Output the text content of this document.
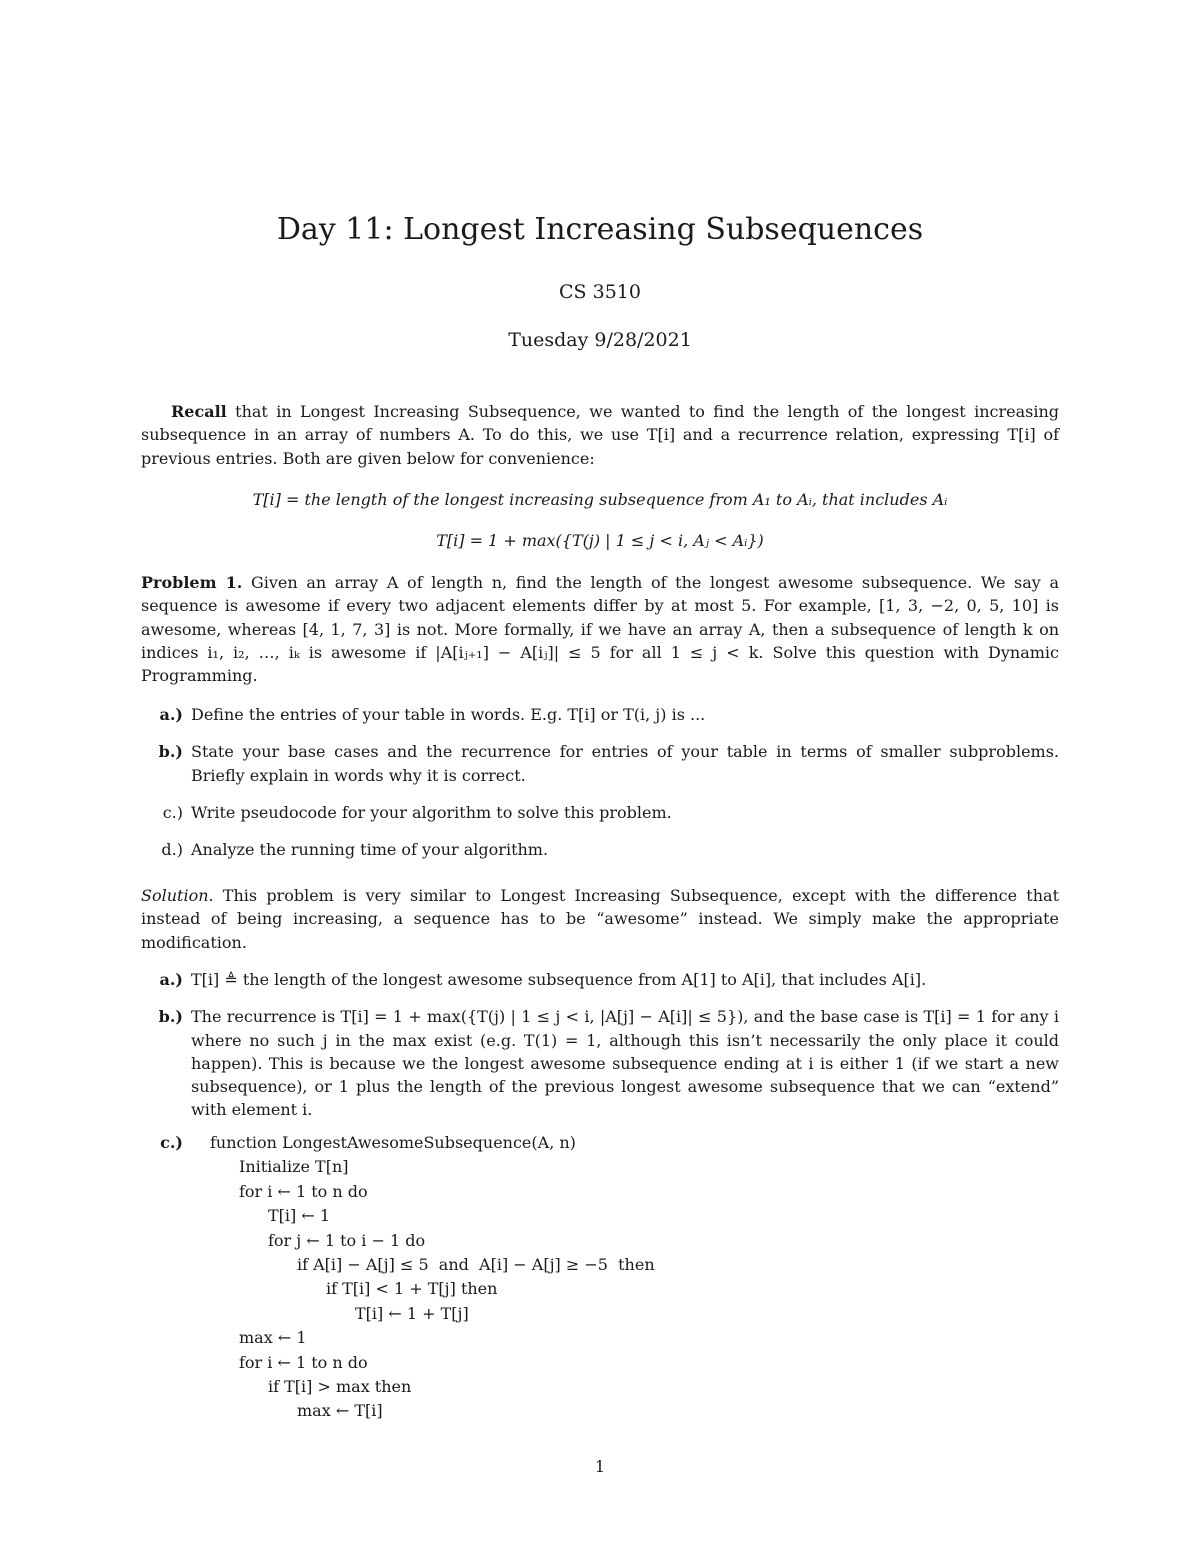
Day 11: Longest Increasing Subsequences
CS 3510
Tuesday 9/28/2021
Recall that in Longest Increasing Subsequence, we wanted to find the length of the longest increasing subsequence in an array of numbers A. To do this, we use T[i] and a recurrence relation, expressing T[i] of previous entries. Both are given below for convenience:
T[i] = the length of the longest increasing subsequence from A₁ to Aᵢ, that includes Aᵢ
T[i] = 1 + max({T(j) | 1 ≤ j < i, Aⱼ < Aᵢ})
Problem 1. Given an array A of length n, find the length of the longest awesome subsequence. We say a sequence is awesome if every two adjacent elements differ by at most 5. For example, [1, 3, −2, 0, 5, 10] is awesome, whereas [4, 1, 7, 3] is not. More formally, if we have an array A, then a subsequence of length k on indices i₁, i₂, …, iₖ is awesome if |A[iⱼ₊₁] − A[iⱼ]| ≤ 5 for all 1 ≤ j < k. Solve this question with Dynamic Programming.
a.) Define the entries of your table in words. E.g. T[i] or T(i, j) is ...
b.) State your base cases and the recurrence for entries of your table in terms of smaller subproblems. Briefly explain in words why it is correct.
c.) Write pseudocode for your algorithm to solve this problem.
d.) Analyze the running time of your algorithm.
Solution. This problem is very similar to Longest Increasing Subsequence, except with the difference that instead of being increasing, a sequence has to be “awesome” instead. We simply make the appropriate modification.
a.) T[i] ≜ the length of the longest awesome subsequence from A[1] to A[i], that includes A[i].
b.) The recurrence is T[i] = 1 + max({T(j) | 1 ≤ j < i, |A[j] − A[i]| ≤ 5}), and the base case is T[i] = 1 for any i where no such j in the max exist (e.g. T(1) = 1, although this isn’t necessarily the only place it could happen). This is because we the longest awesome subsequence ending at i is either 1 (if we start a new subsequence), or 1 plus the length of the previous longest awesome subsequence that we can “extend” with element i.
c.) function LongestAwesomeSubsequence(A, n)
Initialize T[n]
for i ← 1 to n do
T[i] ← 1
for j ← 1 to i − 1 do
if A[i] − A[j] ≤ 5  and  A[i] − A[j] ≥ −5  then
if T[i] < 1 + T[j] then
T[i] ← 1 + T[j]
max ← 1
for i ← 1 to n do
if T[i] > max then
max ← T[i]
1
